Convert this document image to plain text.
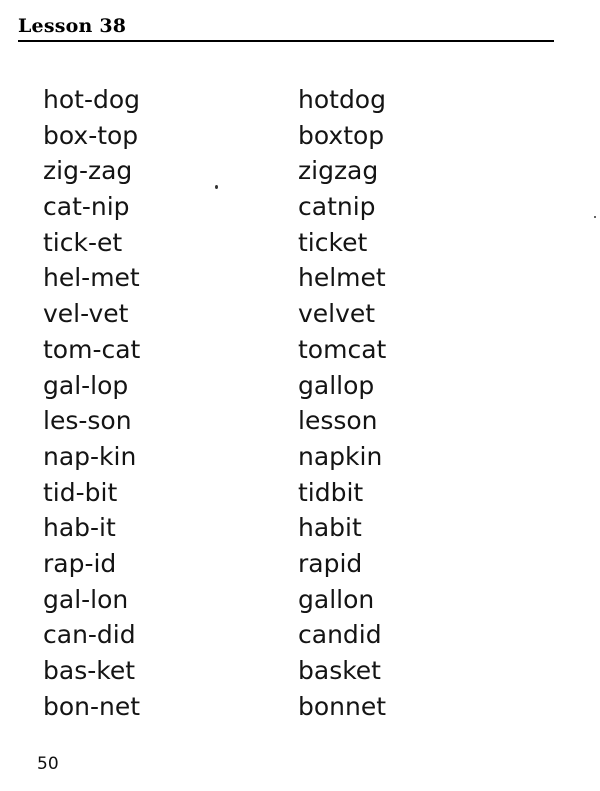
Lesson 38
hot-dog	hotdog
box-top	boxtop
zig-zag	zigzag
cat-nip	catnip
tick-et	ticket
hel-met	helmet
vel-vet	velvet
tom-cat	tomcat
gal-lop	gallop
les-son	lesson
nap-kin	napkin
tid-bit	tidbit
hab-it	habit
rap-id	rapid
gal-lon	gallon
can-did	candid
bas-ket	basket
bon-net	bonnet
50
